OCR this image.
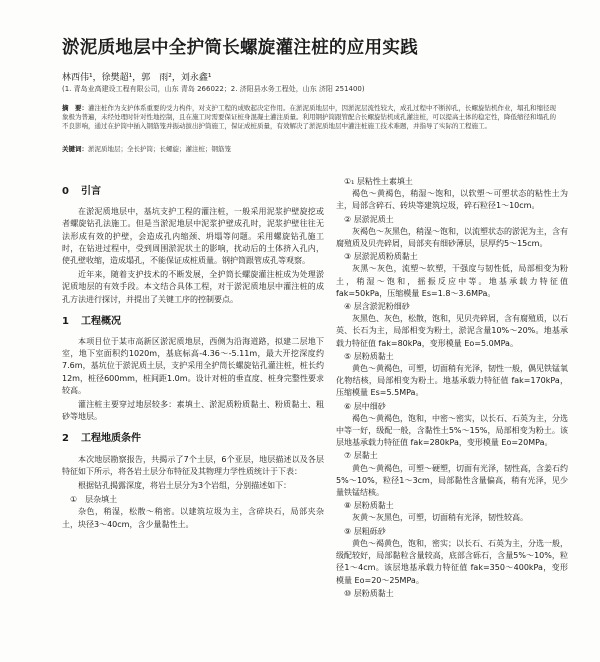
淤泥质地层中全护筒长螺旋灌注桩的应用实践
林西伟¹，徐樊超¹，郭　雨²，刘永鑫¹
(1. 青岛业高建设工程有限公司，山东 青岛 266022；2. 济阳县水务工程处，山东 济阳 251400)
摘　要：灌注桩作为支护体系重要的受力构件，对支护工程的成败起决定作用。在淤泥质地层中，因淤泥层流性较大，成孔过程中不断掉孔，长螺旋钻机作业，塌孔和缩径现象极为普遍，未经处理时针对性地控制，且在施工时需要保证桩身混凝土灌注质量。利用钢护筒跟管配合长螺旋钻机成孔灌注桩，可以提高土体的稳定性，降低缩径和塌孔的不良影响，通过在护筒中插入钢筋笼并振动拔出护筒施工，保证成桩质量，有效解决了淤泥质地层中灌注桩施工技术难题，并指导了实际的工程施工。
关键词：淤泥质地层；全长护筒；长螺旋；灌注桩；钢筋笼
0 引言

在淤泥质地层中，基坑支护工程的灌注桩，一般采用泥浆护壁旋挖或者螺旋钻孔法施工。但是当淤泥地层中泥浆护壁成孔时，泥浆护壁往往无法形成有效的护壁，会造成孔内缩颈、坍塌等问题。采用螺旋钻孔施工时，在钻进过程中，受到周围淤泥状土的影响，扰动后的土体挤入孔内，使孔壁收缩，造成塌孔，不能保证成桩质量。钢护筒跟管成孔等观察。

近年来，随着支护技术的不断发展，全护筒长螺旋灌注桩成为处理淤泥质地层的有效手段。本文结合具体工程，对于淤泥质地层中灌注桩的成孔方法进行探讨，并提出了关键工序的控制要点。

1 工程概况

本项目位于某市高新区淤泥质地层，西侧为沿海道路，拟建二层地下室，地下室面积约1020m，基底标高-4.36～-5.11m，最大开挖深度约7.6m，基坑位于淤泥质土层，支护采用全护筒长螺旋钻孔灌注桩，桩长约12m，桩径600mm，桩间距1.0m。设计对桩的垂直度、桩身完整性要求较高。

灌注桩主要穿过地层较多：素填土、淤泥质粉质黏土、粉质黏土、粗砂等地层。

2 工程地质条件

本次地层勘察报告，共揭示了7个土层，6个亚层，地层描述以及各层特征如下所示，将各岩土层分布特征及其物理力学性质统计于下表：

根据钻孔揭露深度，将岩土层分为3个岩组，分别描述如下：

①　层杂填土

杂色，稍湿，松散～稍密。以建筑垃圾为主，含碎块石，局部夹杂土，块径3～40cm，含少量黏性土。

①₁ 层粘性土素填土

褐色～黄褐色，稍湿～饱和，以软塑～可塑状态的粘性土为主，局部含碎石、砖块等建筑垃圾，碎石粒径1～10cm。

② 层淤泥质土

灰褐色～灰黑色，稍湿～饱和，以流塑状态的淤泥为主，含有腐殖质及贝壳碎屑，局部夹有细砂薄层，层厚约5～15cm。

③ 层淤泥质粉质黏土

灰黑～灰色，流塑～软塑，干强度与韧性低，局部相变为粉土，稍湿～饱和，摇振反应中等。地基承载力特征值 fak=50kPa，压缩模量 Es=1.8～3.6MPa。

④ 层含淤泥粉细砂

灰黑色、灰色，松散，饱和，见贝壳碎屑，含有腐殖质，以石英、长石为主，局部相变为粉土，淤泥含量10%～20%。地基承载力特征值 fak=80kPa，变形模量 Eo=5.0MPa。

⑤ 层粉质黏土

黄色～黄褐色，可塑，切面稍有光泽，韧性一般，偶见铁锰氧化物结核，局部相变为粉土。地基承载力特征值 fak=170kPa，压缩模量 Es=5.5MPa。

⑥ 层中细砂

褐色～黄褐色，饱和，中密～密实，以长石、石英为主，分选中等一好，级配一般，含黏性土5%～15%，局部相变为粉土。该层地基承载力特征值 fak=280kPa，变形模量 Eo=20MPa。

⑦ 层黏土

黄色～黄褐色，可塑～硬塑，切面有光泽，韧性高，含姜石约5%～10%，粒径1～3cm，局部黏性含量偏高，稍有光泽，见少量铁锰结核。

⑧ 层粉质黏土

灰黄～灰黑色，可塑，切面稍有光泽，韧性较高。

⑨ 层粗砾砂

黄色～褐黄色，饱和，密实；以长石、石英为主，分选一般，级配较好，局部黏粒含量较高，底部含砾石，含量5%～10%，粒径1～4cm。该层地基承载力特征值 fak=350～400kPa，变形模量 Eo=20～25MPa。

⑩ 层粉质黏土
